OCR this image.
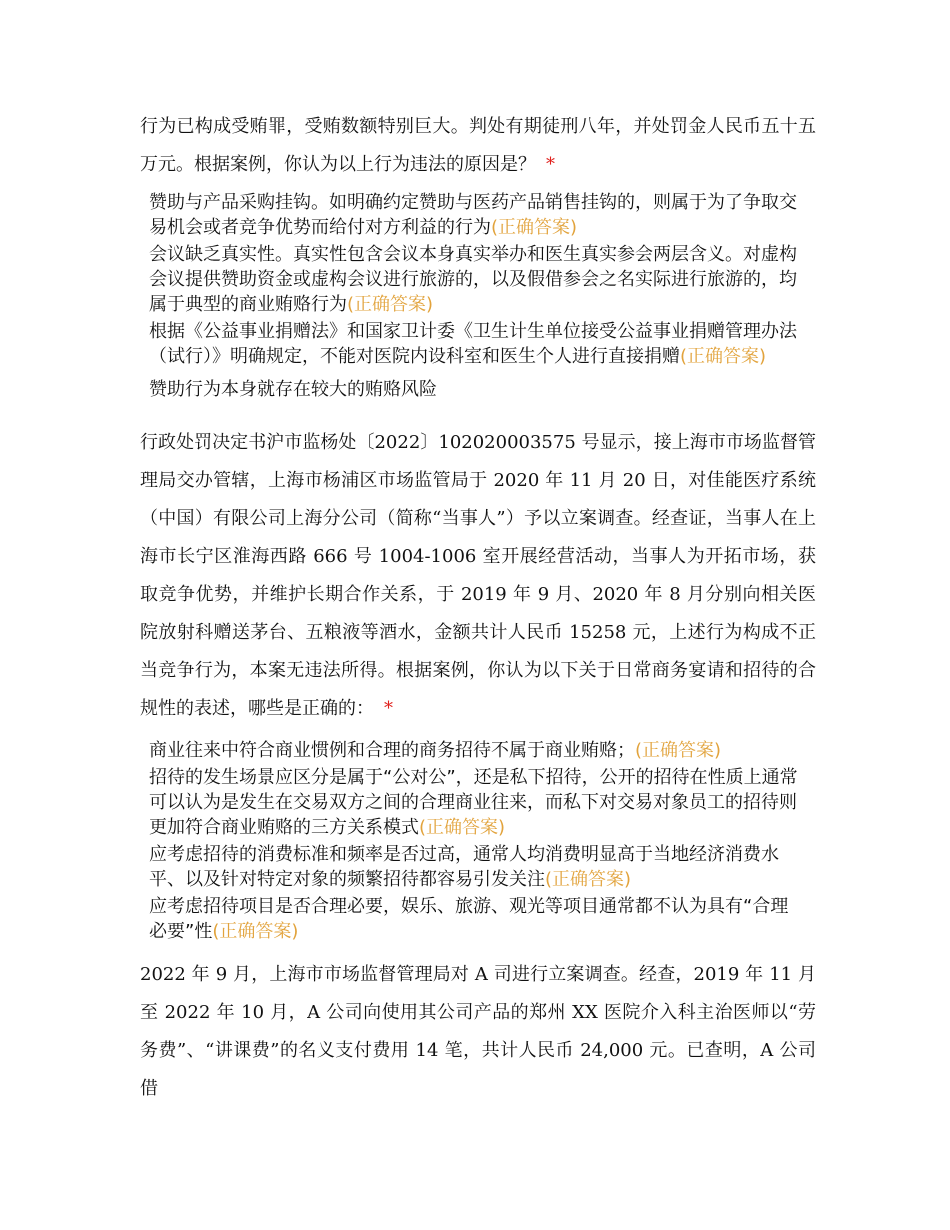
行为已构成受贿罪，受贿数额特别巨大。判处有期徒刑八年，并处罚金人民币五十五万元。根据案例，你认为以上行为违法的原因是？ *

赞助与产品采购挂钩。如明确约定赞助与医药产品销售挂钩的，则属于为了争取交易机会或者竞争优势而给付对方利益的行为(正确答案)

会议缺乏真实性。真实性包含会议本身真实举办和医生真实参会两层含义。对虚构会议提供赞助资金或虚构会议进行旅游的，以及假借参会之名实际进行旅游的，均属于典型的商业贿赂行为(正确答案)

根据《公益事业捐赠法》和国家卫计委《卫生计生单位接受公益事业捐赠管理办法（试行）》明确规定，不能对医院内设科室和医生个人进行直接捐赠(正确答案)

赞助行为本身就存在较大的贿赂风险

行政处罚决定书沪市监杨处〔2022〕102020003575 号显示，接上海市市场监督管理局交办管辖，上海市杨浦区市场监管局于 2020 年 11 月 20 日，对佳能医疗系统（中国）有限公司上海分公司（简称“当事人”）予以立案调查。经查证，当事人在上海市长宁区淮海西路 666 号 1004-1006 室开展经营活动，当事人为开拓市场，获取竞争优势，并维护长期合作关系，于 2019 年 9 月、2020 年 8 月分别向相关医院放射科赠送茅台、五粮液等酒水，金额共计人民币 15258 元，上述行为构成不正当竞争行为，本案无违法所得。根据案例，你认为以下关于日常商务宴请和招待的合规性的表述，哪些是正确的： *

商业往来中符合商业惯例和合理的商务招待不属于商业贿赂；(正确答案)

招待的发生场景应区分是属于“公对公”，还是私下招待，公开的招待在性质上通常可以认为是发生在交易双方之间的合理商业往来，而私下对交易对象员工的招待则更加符合商业贿赂的三方关系模式(正确答案)

应考虑招待的消费标准和频率是否过高，通常人均消费明显高于当地经济消费水平、以及针对特定对象的频繁招待都容易引发关注(正确答案)

应考虑招待项目是否合理必要，娱乐、旅游、观光等项目通常都不认为具有“合理必要”性(正确答案)

2022 年 9 月，上海市市场监督管理局对 A 司进行立案调查。经查，2019 年 11 月至 2022 年 10 月，A 公司向使用其公司产品的郑州 XX 医院介入科主治医师以“劳务费”、“讲课费”的名义支付费用 14 笔，共计人民币 24,000 元。已查明，A 公司借
